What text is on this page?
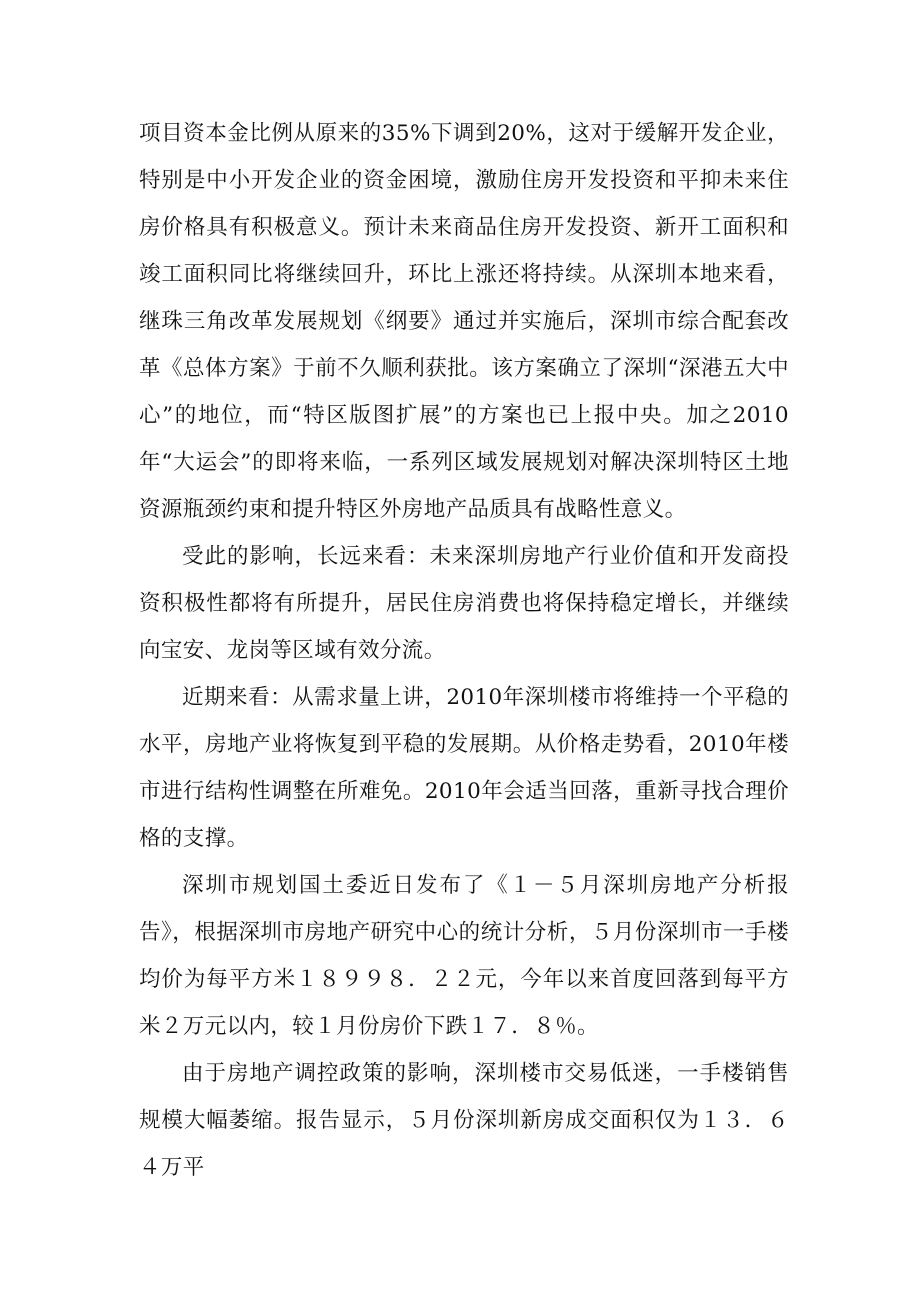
项目资本金比例从原来的35%下调到20%，这对于缓解开发企业，特别是中小开发企业的资金困境，激励住房开发投资和平抑未来住房价格具有积极意义。预计未来商品住房开发投资、新开工面积和竣工面积同比将继续回升，环比上涨还将持续。从深圳本地来看，继珠三角改革发展规划《纲要》通过并实施后，深圳市综合配套改革《总体方案》于前不久顺利获批。该方案确立了深圳“深港五大中心”的地位，而“特区版图扩展”的方案也已上报中央。加之2010年“大运会”的即将来临，一系列区域发展规划对解决深圳特区土地资源瓶颈约束和提升特区外房地产品质具有战略性意义。

受此的影响，长远来看：未来深圳房地产行业价值和开发商投资积极性都将有所提升，居民住房消费也将保持稳定增长，并继续向宝安、龙岗等区域有效分流。

近期来看：从需求量上讲，2010年深圳楼市将维持一个平稳的水平，房地产业将恢复到平稳的发展期。从价格走势看，2010年楼市进行结构性调整在所难免。2010年会适当回落，重新寻找合理价格的支撑。

深圳市规划国土委近日发布了《１－５月深圳房地产分析报告》，根据深圳市房地产研究中心的统计分析，５月份深圳市一手楼均价为每平方米１８９９８．２２元，今年以来首度回落到每平方米２万元以内，较１月份房价下跌１７．８％。

由于房地产调控政策的影响，深圳楼市交易低迷，一手楼销售规模大幅萎缩。报告显示，５月份深圳新房成交面积仅为１３．６４万平
